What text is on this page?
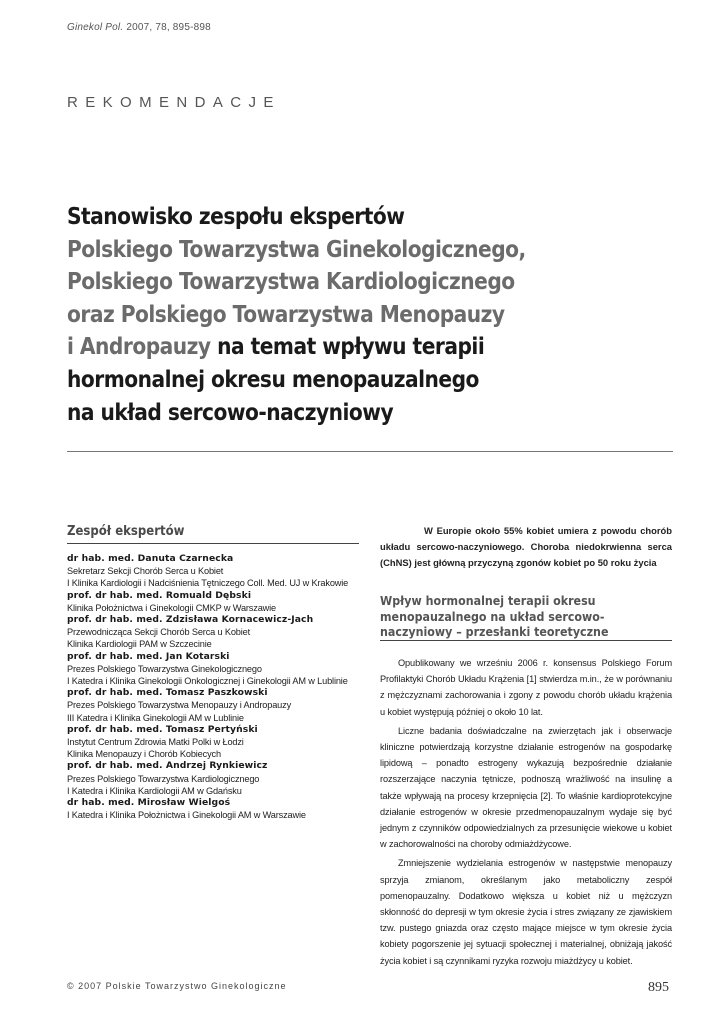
Ginekol Pol. 2007, 78, 895-898
REKOMENDACJE
Stanowisko zespołu ekspertów
Polskiego Towarzystwa Ginekologicznego,
Polskiego Towarzystwa Kardiologicznego
oraz Polskiego Towarzystwa Menopauzy
i Andropauzy na temat wpływu terapii
hormonalnej okresu menopauzalnego
na układ sercowo-naczyniowy
Zespół ekspertów
dr hab. med. Danuta Czarnecka
Sekretarz Sekcji Chorób Serca u Kobiet
I Klinika Kardiologii i Nadciśnienia Tętniczego Coll. Med. UJ w Krakowie
prof. dr hab. med. Romuald Dębski
Klinika Położnictwa i Ginekologii CMKP w Warszawie
prof. dr hab. med. Zdzisława Kornacewicz-Jach
Przewodnicząca Sekcji Chorób Serca u Kobiet
Klinika Kardiologii PAM w Szczecinie
prof. dr hab. med. Jan Kotarski
Prezes Polskiego Towarzystwa Ginekologicznego
I Katedra i Klinika Ginekologii Onkologicznej i Ginekologii AM w Lublinie
prof. dr hab. med. Tomasz Paszkowski
Prezes Polskiego Towarzystwa Menopauzy i Andropauzy
III Katedra i Klinika Ginekologii AM w Lublinie
prof. dr hab. med. Tomasz Pertyński
Instytut Centrum Zdrowia Matki Polki w Łodzi
Klinika Menopauzy i Chorób Kobiecych
prof. dr hab. med. Andrzej Rynkiewicz
Prezes Polskiego Towarzystwa Kardiologicznego
I Katedra i Klinika Kardiologii AM w Gdańsku
dr hab. med. Mirosław Wielgoś
I Katedra i Klinika Położnictwa i Ginekologii AM w Warszawie
W Europie około 55% kobiet umiera z powodu chorób układu sercowo-naczyniowego. Choroba niedokrwienna serca (ChNS) jest główną przyczyną zgonów kobiet po 50 roku życia
Wpływ hormonalnej terapii okresu
menopauzalnego na układ sercowo-
naczyniowy – przesłanki teoretyczne

Opublikowany we wrześniu 2006 r. konsensus Polskiego Forum Profilaktyki Chorób Układu Krążenia [1] stwierdza m.in., że w porównaniu z mężczyznami zachorowania i zgony z powodu chorób układu krążenia u kobiet występują później o około 10 lat.

Liczne badania doświadczalne na zwierzętach jak i obserwacje kliniczne potwierdzają korzystne działanie estrogenów na gospodarkę lipidową – ponadto estrogeny wykazują bezpośrednie działanie rozszerzające naczynia tętnicze, podnoszą wrażliwość na insulinę a także wpływają na procesy krzepnięcia [2]. To właśnie kardioprotekcyjne działanie estrogenów w okresie przedmenopauzalnym wydaje się być jednym z czynników odpowiedzialnych za przesunięcie wiekowe u kobiet w zachorowalności na choroby odmiażdżycowe.

Zmniejszenie wydzielania estrogenów w następstwie menopauzy sprzyja zmianom, określanym jako metaboliczny zespół pomenopauzalny. Dodatkowo większa u kobiet niż u mężczyzn skłonność do depresji w tym okresie życia i stres związany ze zjawiskiem tzw. pustego gniazda oraz często mające miejsce w tym okresie życia kobiety pogorszenie jej sytuacji społecznej i materialnej, obniżają jakość życia kobiet i są czynnikami ryzyka rozwoju miażdżycy u kobiet.

© 2007 Polskie Towarzystwo Ginekologiczne	895
